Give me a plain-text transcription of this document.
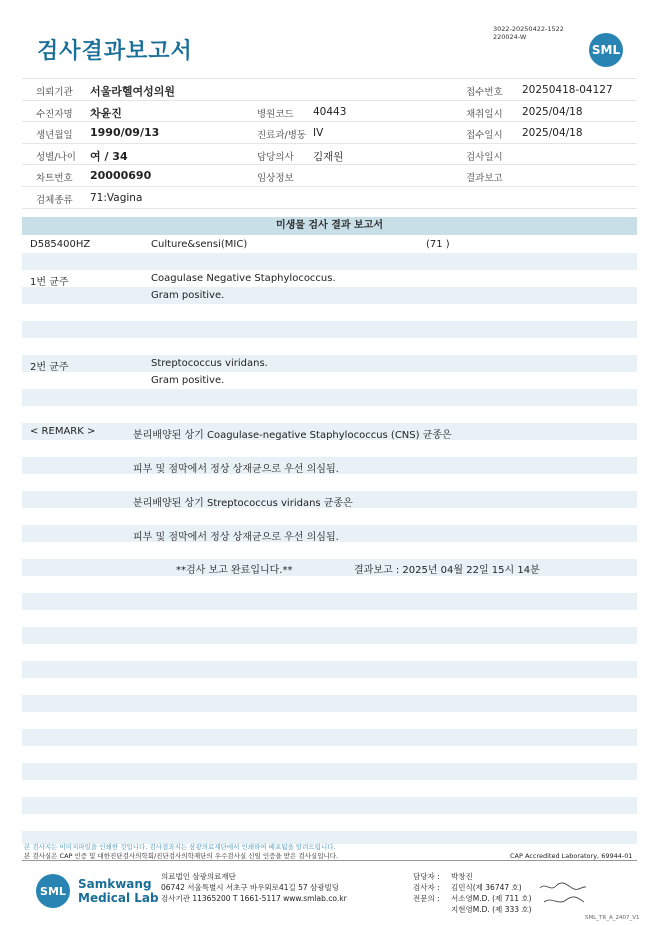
검사결과보고서
3022-20250422-1522
220024-W
SML
의뢰기관 서울라헬여성의원	접수번호 20250418-04127
수진자명 차윤진	병원코드 40443	채취일시 2025/04/18
생년월일 1990/09/13	진료과/병동 IV	접수일시 2025/04/18
성별/나이 여 / 34	담당의사 김재원	검사일시
차트번호 20000690	임상정보	결과보고
검체종류 71:Vagina
미생물 검사 결과 보고서
D585400HZ	Culture&sensi(MIC)	(71 )
1번 균주	Coagulase Negative Staphylococcus.
Gram positive.
2번 균주	Streptococcus viridans.
Gram positive.
< REMARK >	분리배양된 상기 Coagulase-negative Staphylococcus (CNS) 균종은
피부 및 점막에서 정상 상재균으로 우선 의심됨.
분리배양된 상기 Streptococcus viridans 균종은
피부 및 점막에서 정상 상재균으로 우선 의심됨.
**검사 보고 완료입니다.**	결과보고 : 2025년 04월 22일 15시 14분
본 검사지는 이미지파일을 인쇄한 것입니다. 검사결과지는 삼광의료재단에서 인쇄하여 배포됨을 알려드립니다.
본 검사실은 CAP 인증 및 대한진단검사의학회/진단검사의학재단의 우수검사실 신임 인증을 받은 검사실입니다.	CAP Accredited Laboratory, 69944-01
SML	Samkwang
Medical Lab
의료법인 삼광의료재단
06742 서울특별시 서초구 바우뫼로41길 57 삼광빌딩
검사기관 11365200 T 1661-5117 www.smlab.co.kr
담당자 : 박창진
검사자 : 김민식(제 36747 호)
전문의 : 서소영M.D. (제 711 호)
지현영M.D. (제 333 호)
SML_TR_A_2407_V1
